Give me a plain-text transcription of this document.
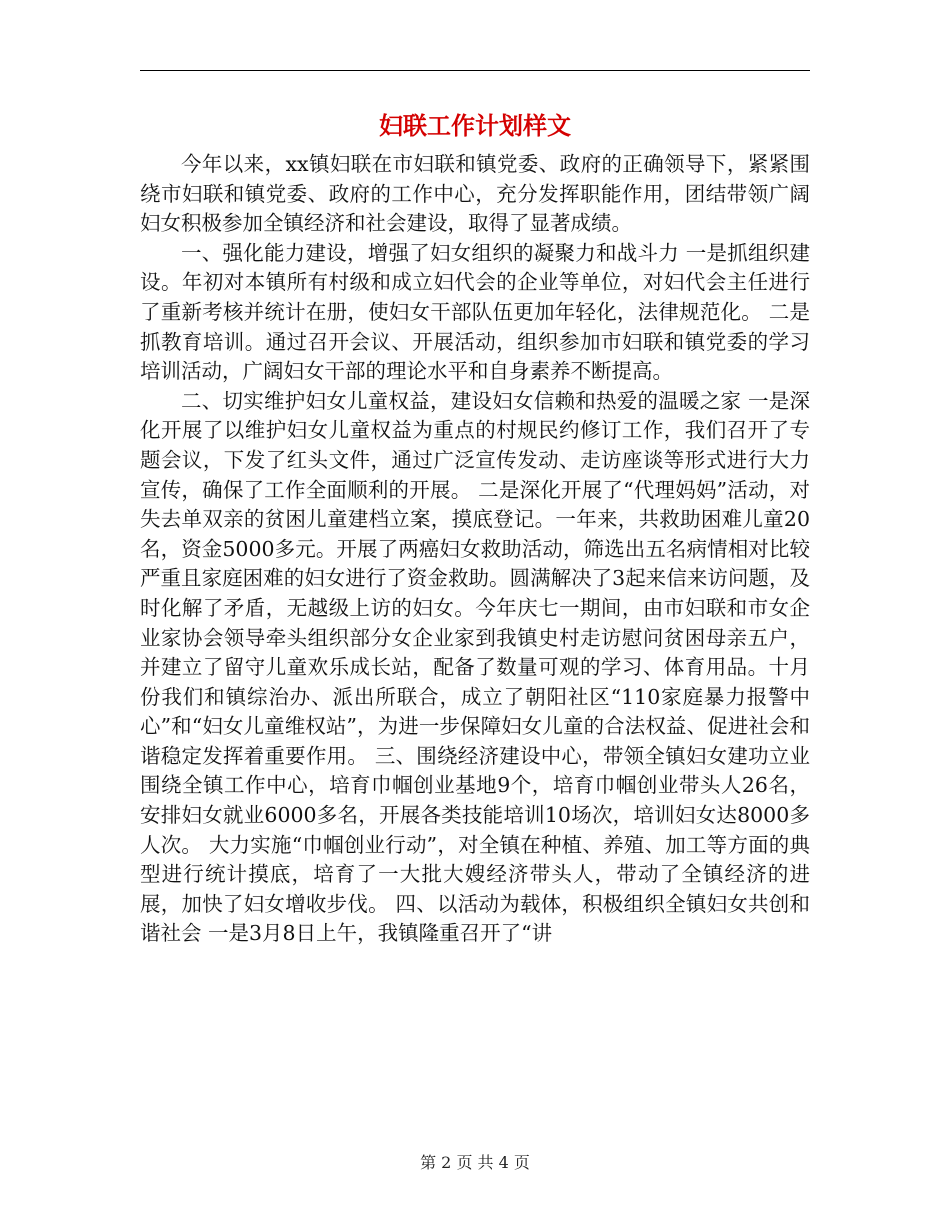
妇联工作计划样文

今年以来，xx镇妇联在市妇联和镇党委、政府的正确领导下，紧紧围绕市妇联和镇党委、政府的工作中心，充分发挥职能作用，团结带领广阔妇女积极参加全镇经济和社会建设，取得了显著成绩。

一、强化能力建设，增强了妇女组织的凝聚力和战斗力 一是抓组织建设。年初对本镇所有村级和成立妇代会的企业等单位，对妇代会主任进行了重新考核并统计在册，使妇女干部队伍更加年轻化，法律规范化。 二是抓教育培训。通过召开会议、开展活动，组织参加市妇联和镇党委的学习培训活动，广阔妇女干部的理论水平和自身素养不断提高。

二、切实维护妇女儿童权益，建设妇女信赖和热爱的温暖之家 一是深化开展了以维护妇女儿童权益为重点的村规民约修订工作，我们召开了专题会议，下发了红头文件，通过广泛宣传发动、走访座谈等形式进行大力宣传，确保了工作全面顺利的开展。 二是深化开展了“代理妈妈”活动，对失去单双亲的贫困儿童建档立案，摸底登记。一年来，共救助困难儿童20名，资金5000多元。开展了两癌妇女救助活动，筛选出五名病情相对比较严重且家庭困难的妇女进行了资金救助。圆满解决了3起来信来访问题，及时化解了矛盾，无越级上访的妇女。今年庆七一期间，由市妇联和市女企业家协会领导牵头组织部分女企业家到我镇史村走访慰问贫困母亲五户，并建立了留守儿童欢乐成长站，配备了数量可观的学习、体育用品。十月份我们和镇综治办、派出所联合，成立了朝阳社区“110家庭暴力报警中心”和“妇女儿童维权站”，为进一步保障妇女儿童的合法权益、促进社会和谐稳定发挥着重要作用。 三、围绕经济建设中心，带领全镇妇女建功立业 围绕全镇工作中心，培育巾帼创业基地9个，培育巾帼创业带头人26名，安排妇女就业6000多名，开展各类技能培训10场次，培训妇女达8000多人次。 大力实施“巾帼创业行动”，对全镇在种植、养殖、加工等方面的典型进行统计摸底，培育了一大批大嫂经济带头人，带动了全镇经济的进展，加快了妇女增收步伐。 四、以活动为载体，积极组织全镇妇女共创和谐社会 一是3月8日上午，我镇隆重召开了“讲

第 2 页 共 4 页
